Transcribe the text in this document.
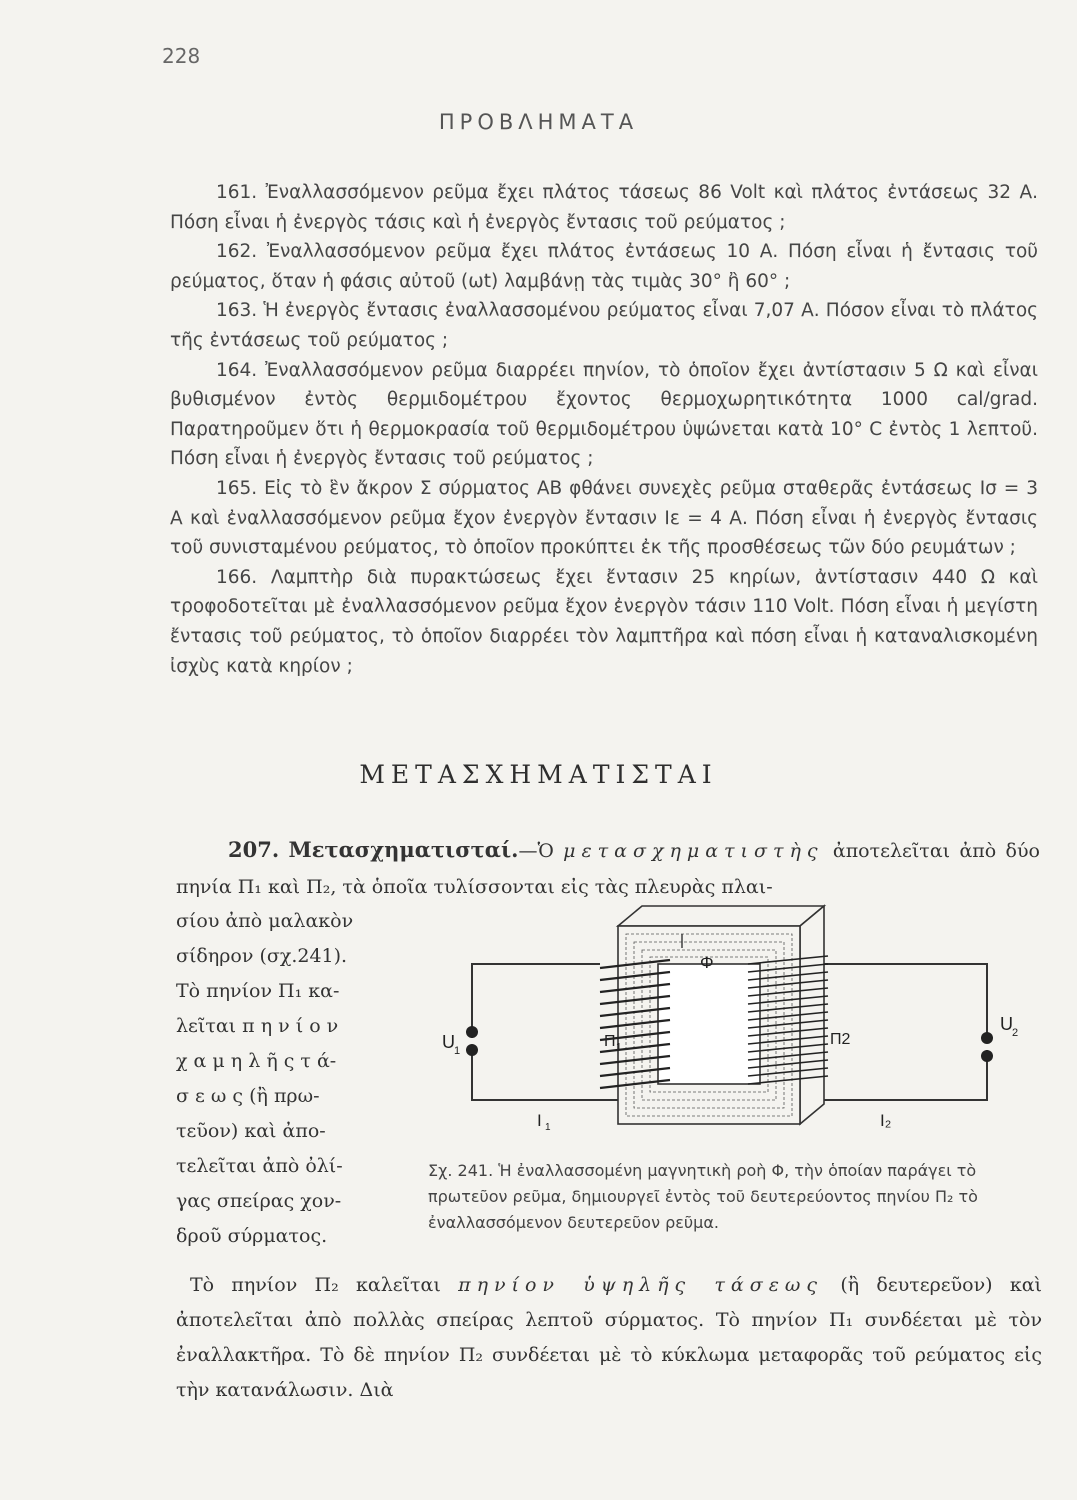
228
ΠΡΟΒΛΗΜΑΤΑ

161. Ἐναλλασσόμενον ρεῦμα ἔχει πλάτος τάσεως 86 Volt καὶ πλάτος ἐντάσεως 32 Α. Πόση εἶναι ἡ ἐνεργὸς τάσις καὶ ἡ ἐνεργὸς ἔντασις τοῦ ρεύματος ;

162. Ἐναλλασσόμενον ρεῦμα ἔχει πλάτος ἐντάσεως 10 Α. Πόση εἶναι ἡ ἔντασις τοῦ ρεύματος, ὅταν ἡ φάσις αὐτοῦ (ωt) λαμβάνῃ τὰς τιμὰς 30° ἢ 60° ;

163. Ἡ ἐνεργὸς ἔντασις ἐναλλασσομένου ρεύματος εἶναι 7,07 Α. Πόσον εἶναι τὸ πλάτος τῆς ἐντάσεως τοῦ ρεύματος ;

164. Ἐναλλασσόμενον ρεῦμα διαρρέει πηνίον, τὸ ὁποῖον ἔχει ἀντίστασιν 5 Ω καὶ εἶναι βυθισμένον ἐντὸς θερμιδομέτρου ἔχοντος θερμοχωρητικότητα 1000 cal/grad. Παρατηροῦμεν ὅτι ἡ θερμοκρασία τοῦ θερμιδομέτρου ὑψώνεται κατὰ 10° C ἐντὸς 1 λεπτοῦ. Πόση εἶναι ἡ ἐνεργὸς ἔντασις τοῦ ρεύματος ;

165. Εἰς τὸ ἓν ἄκρον Σ σύρματος ΑΒ φθάνει συνεχὲς ρεῦμα σταθερᾶς ἐντάσεως Ισ = 3 Α καὶ ἐναλλασσόμενον ρεῦμα ἔχον ἐνεργὸν ἔντασιν Ιε = 4 Α. Πόση εἶναι ἡ ἐνεργὸς ἔντασις τοῦ συνισταμένου ρεύματος, τὸ ὁποῖον προκύπτει ἐκ τῆς προσθέσεως τῶν δύο ρευμάτων ;

166. Λαμπτὴρ διὰ πυρακτώσεως ἔχει ἔντασιν 25 κηρίων, ἀντίστασιν 440 Ω καὶ τροφοδοτεῖται μὲ ἐναλλασσόμενον ρεῦμα ἔχον ἐνεργὸν τάσιν 110 Volt. Πόση εἶναι ἡ μεγίστη ἔντασις τοῦ ρεύματος, τὸ ὁποῖον διαρρέει τὸν λαμπτῆρα καὶ πόση εἶναι ἡ καταναλισκομένη ἰσχὺς κατὰ κηρίον ;

ΜΕΤΑΣΧΗΜΑΤΙΣΤΑΙ

207. Μετασχηματισταί.—Ὁ μετασχηματιστὴς ἀποτελεῖται ἀπὸ δύο πηνία Π₁ καὶ Π₂, τὰ ὁποῖα τυλίσσονται εἰς τὰς πλευρὰς πλαι-

σίου ἀπὸ μαλακὸν
σίδηρον (σχ.241).
Τὸ πηνίον Π₁ κα-
λεῖται π η ν ί ο ν
χ α μ η λ ῆ ς τ ά-
σ ε ω ς (ἢ πρω-
τεῦον) καὶ ἀπο-
τελεῖται ἀπὸ ὀλί-
γας σπείρας χον-
δροῦ σύρματος.
U 1
U 2
Π 1	Π2
Φ
I 1	I₂

Σχ. 241. Ἡ ἐναλλασσομένη μαγνητικὴ ροὴ Φ, τὴν ὁποίαν παράγει τὸ πρωτεῦον ρεῦμα, δημιουργεῖ ἐντὸς τοῦ δευτερεύοντος πηνίου Π₂ τὸ ἐναλλασσόμενον δευτερεῦον ρεῦμα.

Τὸ πηνίον Π₂ καλεῖται πηνίον ὑψηλῆς τάσεως (ἢ δευτερεῦον) καὶ ἀποτελεῖται ἀπὸ πολλὰς σπείρας λεπτοῦ σύρματος. Τὸ πηνίον Π₁ συνδέεται μὲ τὸν ἐναλλακτῆρα. Τὸ δὲ πηνίον Π₂ συνδέεται μὲ τὸ κύκλωμα μεταφορᾶς τοῦ ρεύματος εἰς τὴν κατανάλωσιν. Διὰ
